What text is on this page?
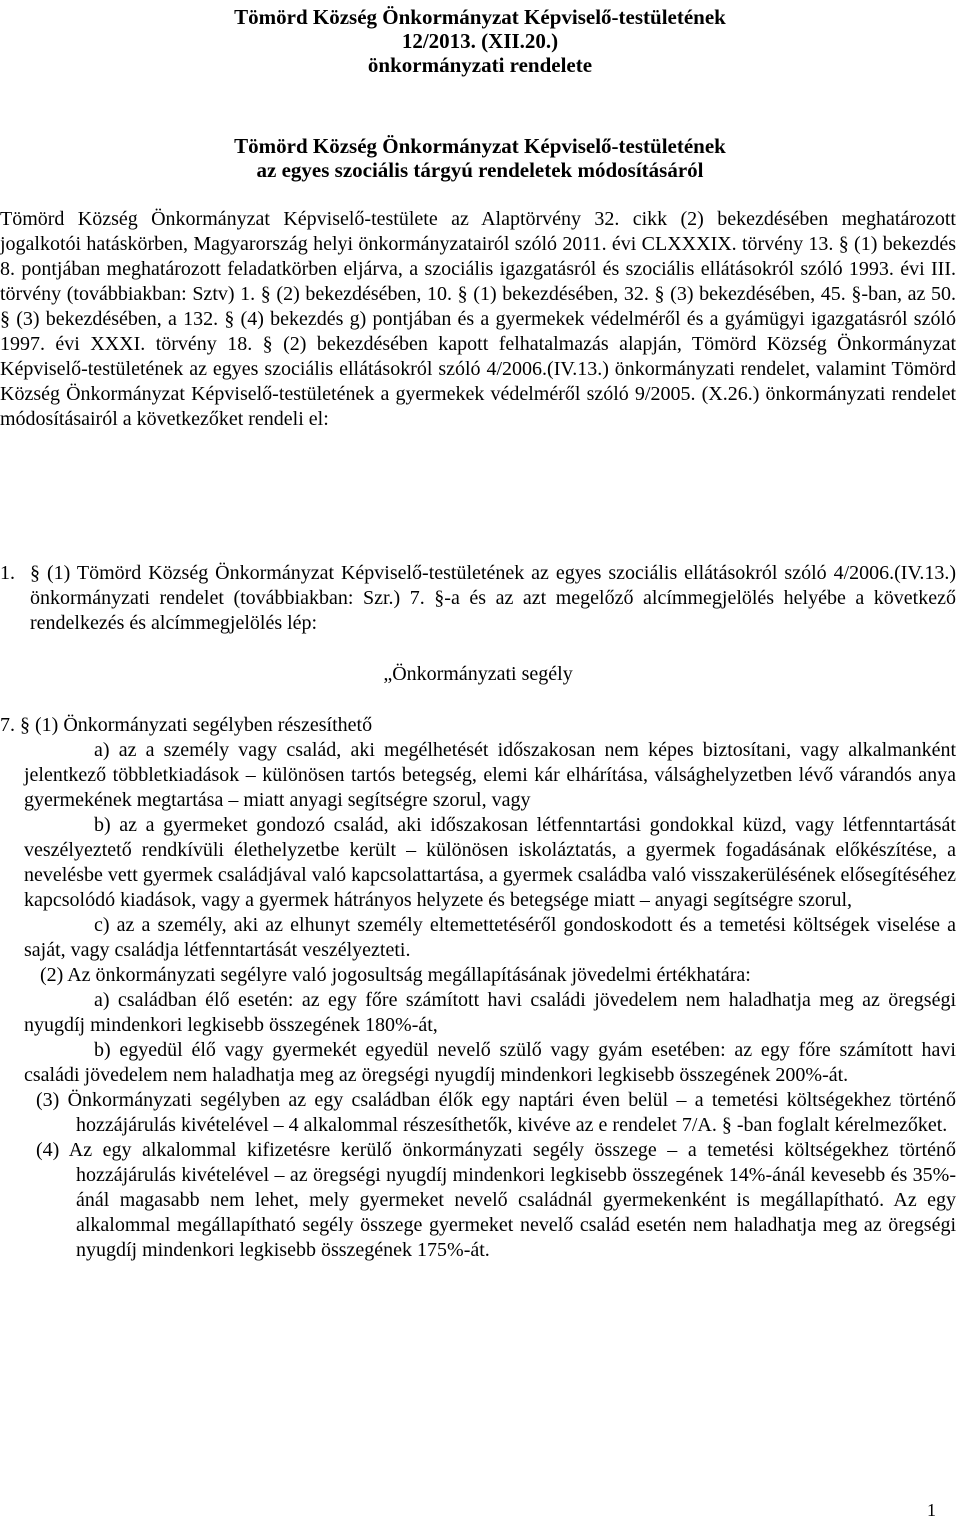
Tömörd Község Önkormányzat Képviselő-testületének

12/2013. (XII.20.)

önkormányzati rendelete

Tömörd Község Önkormányzat Képviselő-testületének

az egyes szociális tárgyú rendeletek módosításáról

Tömörd Község Önkormányzat Képviselő-testülete az Alaptörvény 32. cikk (2) bekezdésében meghatározott jogalkotói hatáskörben, Magyarország helyi önkormányzatairól szóló 2011. évi CLXXXIX. törvény 13. § (1) bekezdés 8. pontjában meghatározott feladatkörben eljárva, a szociális igazgatásról és szociális ellátásokról szóló 1993. évi III. törvény (továbbiakban: Sztv) 1. § (2) bekezdésében, 10. § (1) bekezdésében, 32. § (3) bekezdésében, 45. §-ban, az 50. § (3) bekezdésében, a 132. § (4) bekezdés g) pontjában és a gyermekek védelméről és a gyámügyi igazgatásról szóló 1997. évi XXXI. törvény 18. § (2) bekezdésében kapott felhatalmazás alapján, Tömörd Község Önkormányzat Képviselő-testületének az egyes szociális ellátásokról szóló 4/2006.(IV.13.) önkormányzati rendelet, valamint Tömörd Község Önkormányzat Képviselő-testületének a gyermekek védelméről szóló 9/2005. (X.26.) önkormányzati rendelet módosításairól a következőket rendeli el:

1. § (1) Tömörd Község Önkormányzat Képviselő-testületének az egyes szociális ellátásokról szóló 4/2006.(IV.13.) önkormányzati rendelet (továbbiakban: Szr.) 7. §-a és az azt megelőző alcímmegjelölés helyébe a következő rendelkezés és alcímmegjelölés lép:
„Önkormányzati segély

7. § (1) Önkormányzati segélyben részesíthető

a) az a személy vagy család, aki megélhetését időszakosan nem képes biztosítani, vagy alkalmanként jelentkező többletkiadások – különösen tartós betegség, elemi kár elhárítása, válsághelyzetben lévő várandós anya gyermekének megtartása – miatt anyagi segítségre szorul, vagy

b) az a gyermeket gondozó család, aki időszakosan létfenntartási gondokkal küzd, vagy létfenntartását veszélyeztető rendkívüli élethelyzetbe került – különösen iskoláztatás, a gyermek fogadásának előkészítése, a nevelésbe vett gyermek családjával való kapcsolattartása, a gyermek családba való visszakerülésének elősegítéséhez kapcsolódó kiadások, vagy a gyermek hátrányos helyzete és betegsége miatt – anyagi segítségre szorul,

c) az a személy, aki az elhunyt személy eltemettetéséről gondoskodott és a temetési költségek viselése a saját, vagy családja létfenntartását veszélyezteti.

(2) Az önkormányzati segélyre való jogosultság megállapításának jövedelmi értékhatára:

a) családban élő esetén: az egy főre számított havi családi jövedelem nem haladhatja meg az öregségi nyugdíj mindenkori legkisebb összegének 180%-át,

b) egyedül élő vagy gyermekét egyedül nevelő szülő vagy gyám esetében: az egy főre számított havi családi jövedelem nem haladhatja meg az öregségi nyugdíj mindenkori legkisebb összegének 200%-át.

(3) Önkormányzati segélyben az egy családban élők egy naptári éven belül – a temetési költségekhez történő hozzájárulás kivételével – 4 alkalommal részesíthetők, kivéve az e rendelet 7/A. § -ban foglalt kérelmezőket.

(4) Az egy alkalommal kifizetésre kerülő önkormányzati segély összege – a temetési költségekhez történő hozzájárulás kivételével – az öregségi nyugdíj mindenkori legkisebb összegének 14%-ánál kevesebb és 35%-ánál magasabb nem lehet, mely gyermeket nevelő családnál gyermekenként is megállapítható. Az egy alkalommal megállapítható segély összege gyermeket nevelő család esetén nem haladhatja meg az öregségi nyugdíj mindenkori legkisebb összegének 175%-át.

1
